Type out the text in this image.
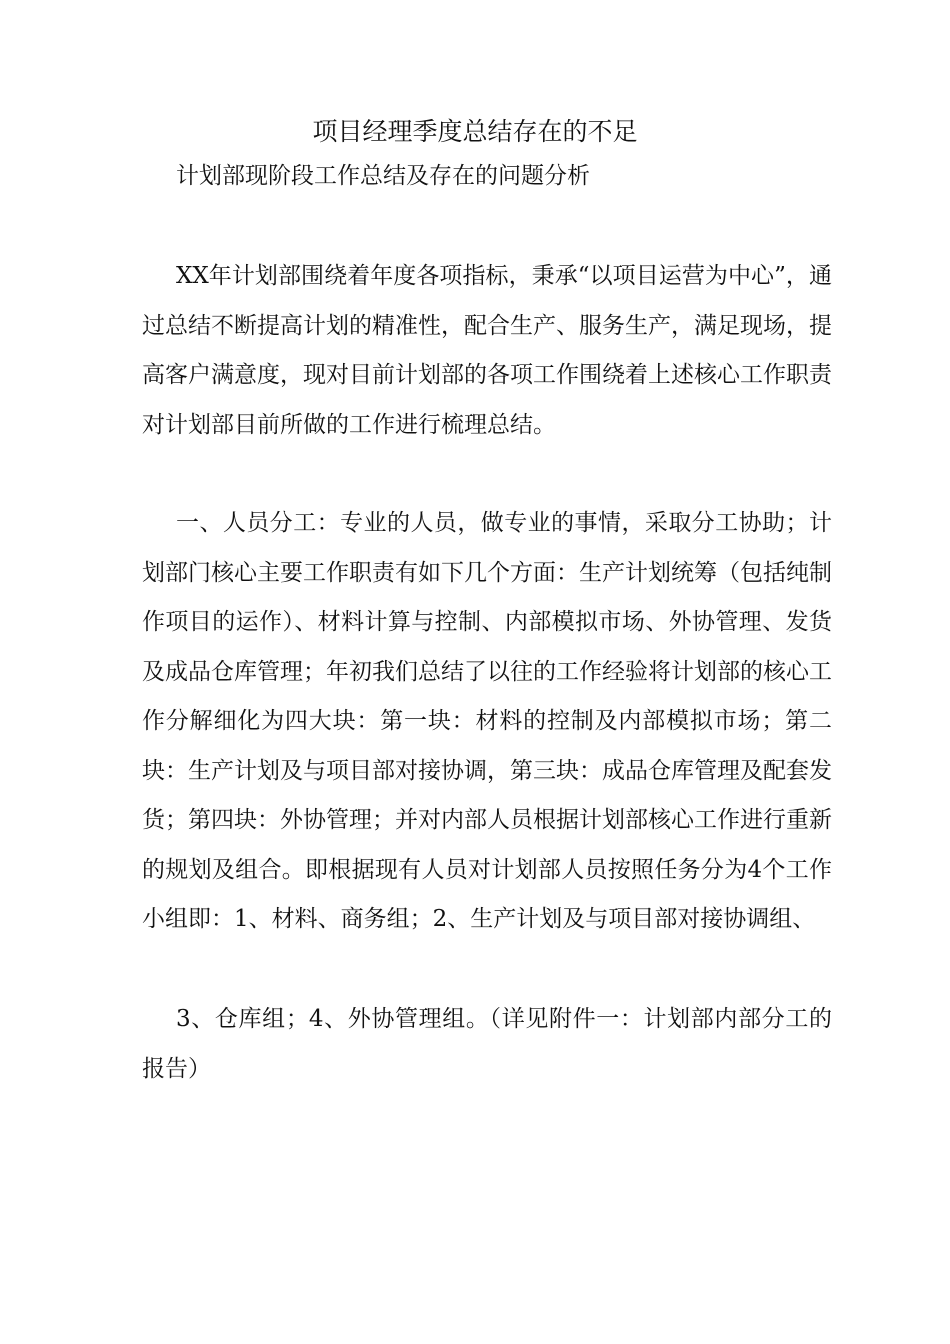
项目经理季度总结存在的不足
计划部现阶段工作总结及存在的问题分析

XX年计划部围绕着年度各项指标，秉承“以项目运营为中心”，通过总结不断提高计划的精准性，配合生产、服务生产，满足现场，提高客户满意度，现对目前计划部的各项工作围绕着上述核心工作职责对计划部目前所做的工作进行梳理总结。

一、人员分工：专业的人员，做专业的事情，采取分工协助；计划部门核心主要工作职责有如下几个方面：生产计划统筹（包括纯制作项目的运作）、材料计算与控制、内部模拟市场、外协管理、发货及成品仓库管理；年初我们总结了以往的工作经验将计划部的核心工作分解细化为四大块：第一块：材料的控制及内部模拟市场；第二块：生产计划及与项目部对接协调，第三块：成品仓库管理及配套发货；第四块：外协管理；并对内部人员根据计划部核心工作进行重新的规划及组合。即根据现有人员对计划部人员按照任务分为4个工作小组即：1、材料、商务组；2、生产计划及与项目部对接协调组、

3、仓库组；4、外协管理组。（详见附件一：计划部内部分工的报告）
